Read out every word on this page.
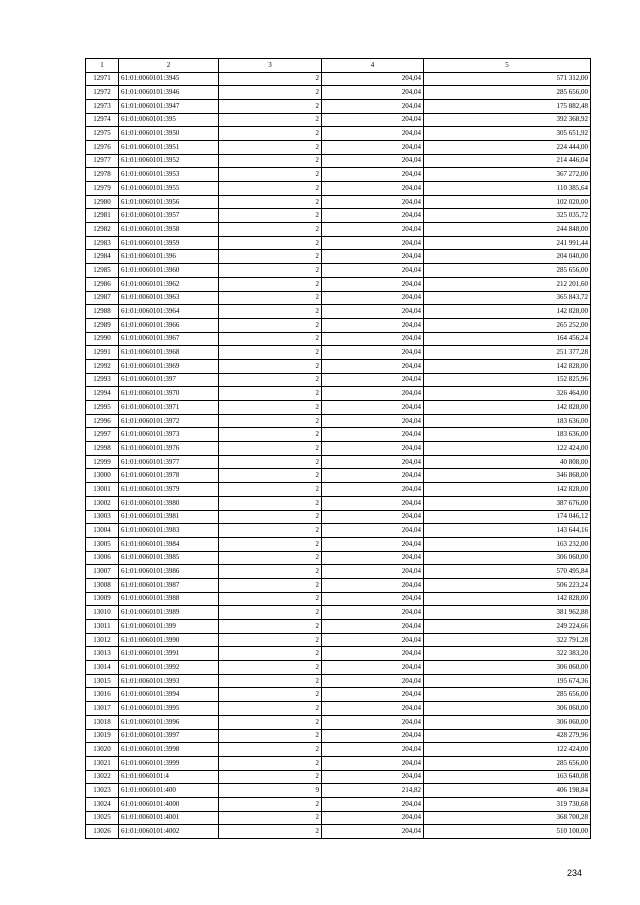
1	2	3	4	5
12971	61:01:0060101:3945	2	204,04	571 312,00
12972	61:01:0060101:3946	2	204,04	285 656,00
12973	61:01:0060101:3947	2	204,04	175 882,48
12974	61:01:0060101:395	2	204,04	392 368,92
12975	61:01:0060101:3950	2	204,04	305 651,92
12976	61:01:0060101:3951	2	204,04	224 444,00
12977	61:01:0060101:3952	2	204,04	214 446,04
12978	61:01:0060101:3953	2	204,04	367 272,00
12979	61:01:0060101:3955	2	204,04	110 385,64
12980	61:01:0060101:3956	2	204,04	102 020,00
12981	61:01:0060101:3957	2	204,04	325 035,72
12982	61:01:0060101:3958	2	204,04	244 848,00
12983	61:01:0060101:3959	2	204,04	241 991,44
12984	61:01:0060101:396	2	204,04	204 040,00
12985	61:01:0060101:3960	2	204,04	285 656,00
12986	61:01:0060101:3962	2	204,04	212 201,60
12987	61:01:0060101:3963	2	204,04	365 843,72
12988	61:01:0060101:3964	2	204,04	142 828,00
12989	61:01:0060101:3966	2	204,04	265 252,00
12990	61:01:0060101:3967	2	204,04	164 456,24
12991	61:01:0060101:3968	2	204,04	251 377,28
12992	61:01:0060101:3969	2	204,04	142 828,00
12993	61:01:0060101:397	2	204,04	152 825,96
12994	61:01:0060101:3970	2	204,04	326 464,00
12995	61:01:0060101:3971	2	204,04	142 828,00
12996	61:01:0060101:3972	2	204,04	183 636,00
12997	61:01:0060101:3973	2	204,04	183 636,00
12998	61:01:0060101:3976	2	204,04	122 424,00
12999	61:01:0060101:3977	2	204,04	40 808,00
13000	61:01:0060101:3978	2	204,04	346 868,00
13001	61:01:0060101:3979	2	204,04	142 828,00
13002	61:01:0060101:3980	2	204,04	387 676,00
13003	61:01:0060101:3981	2	204,04	174 046,12
13004	61:01:0060101:3983	2	204,04	143 644,16
13005	61:01:0060101:3984	2	204,04	163 232,00
13006	61:01:0060101:3985	2	204,04	306 060,00
13007	61:01:0060101:3986	2	204,04	570 495,84
13008	61:01:0060101:3987	2	204,04	506 223,24
13009	61:01:0060101:3988	2	204,04	142 828,00
13010	61:01:0060101:3989	2	204,04	381 962,88
13011	61:01:0060101:399	2	204,04	249 224,66
13012	61:01:0060101:3990	2	204,04	322 791,28
13013	61:01:0060101:3991	2	204,04	322 383,20
13014	61:01:0060101:3992	2	204,04	306 060,00
13015	61:01:0060101:3993	2	204,04	195 674,36
13016	61:01:0060101:3994	2	204,04	285 656,00
13017	61:01:0060101:3995	2	204,04	306 060,00
13018	61:01:0060101:3996	2	204,04	306 060,00
13019	61:01:0060101:3997	2	204,04	428 279,96
13020	61:01:0060101:3998	2	204,04	122 424,00
13021	61:01:0060101:3999	2	204,04	285 656,00
13022	61:01:0060101:4	2	204,04	163 640,08
13023	61:01:0060101:400	9	214,82	406 198,84
13024	61:01:0060101:4000	2	204,04	319 730,68
13025	61:01:0060101:4001	2	204,04	368 700,28
13026	61:01:0060101:4002	2	204,04	510 100,00
234
